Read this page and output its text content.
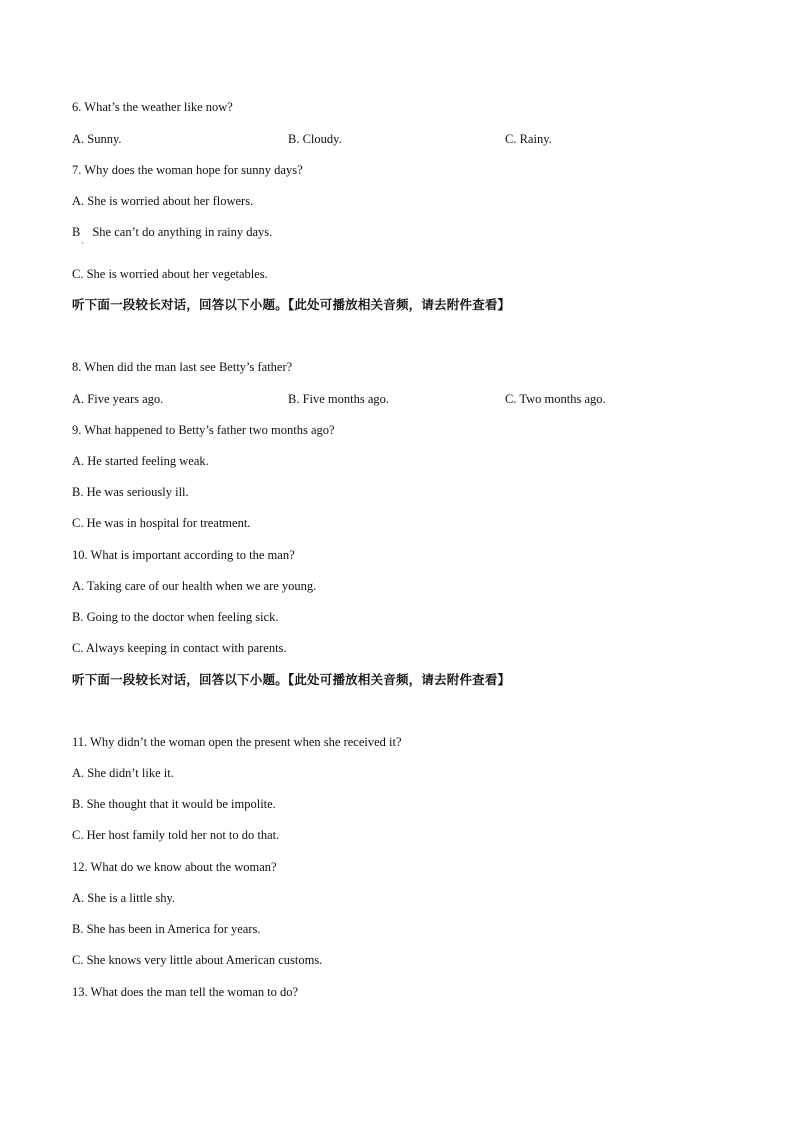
6. What’s the weather like now?
A. Sunny.	B. Cloudy.	C. Rainy.
7. Why does the woman hope for sunny days?
A. She is worried about her flowers.
B She can’t do anything in rainy days.
·
C. She is worried about her vegetables.
听下面一段较长对话，回答以下小题。【此处可播放相关音频，请去附件查看】
8. When did the man last see Betty’s father?
A. Five years ago.	B. Five months ago.	C. Two months ago.
9. What happened to Betty’s father two months ago?
A. He started feeling weak.
B. He was seriously ill.
C. He was in hospital for treatment.
10. What is important according to the man?
A. Taking care of our health when we are young.
B. Going to the doctor when feeling sick.
C. Always keeping in contact with parents.
听下面一段较长对话，回答以下小题。【此处可播放相关音频，请去附件查看】
11. Why didn’t the woman open the present when she received it?
A. She didn’t like it.
B. She thought that it would be impolite.
C. Her host family told her not to do that.
12. What do we know about the woman?
A. She is a little shy.
B. She has been in America for years.
C. She knows very little about American customs.
13. What does the man tell the woman to do?
